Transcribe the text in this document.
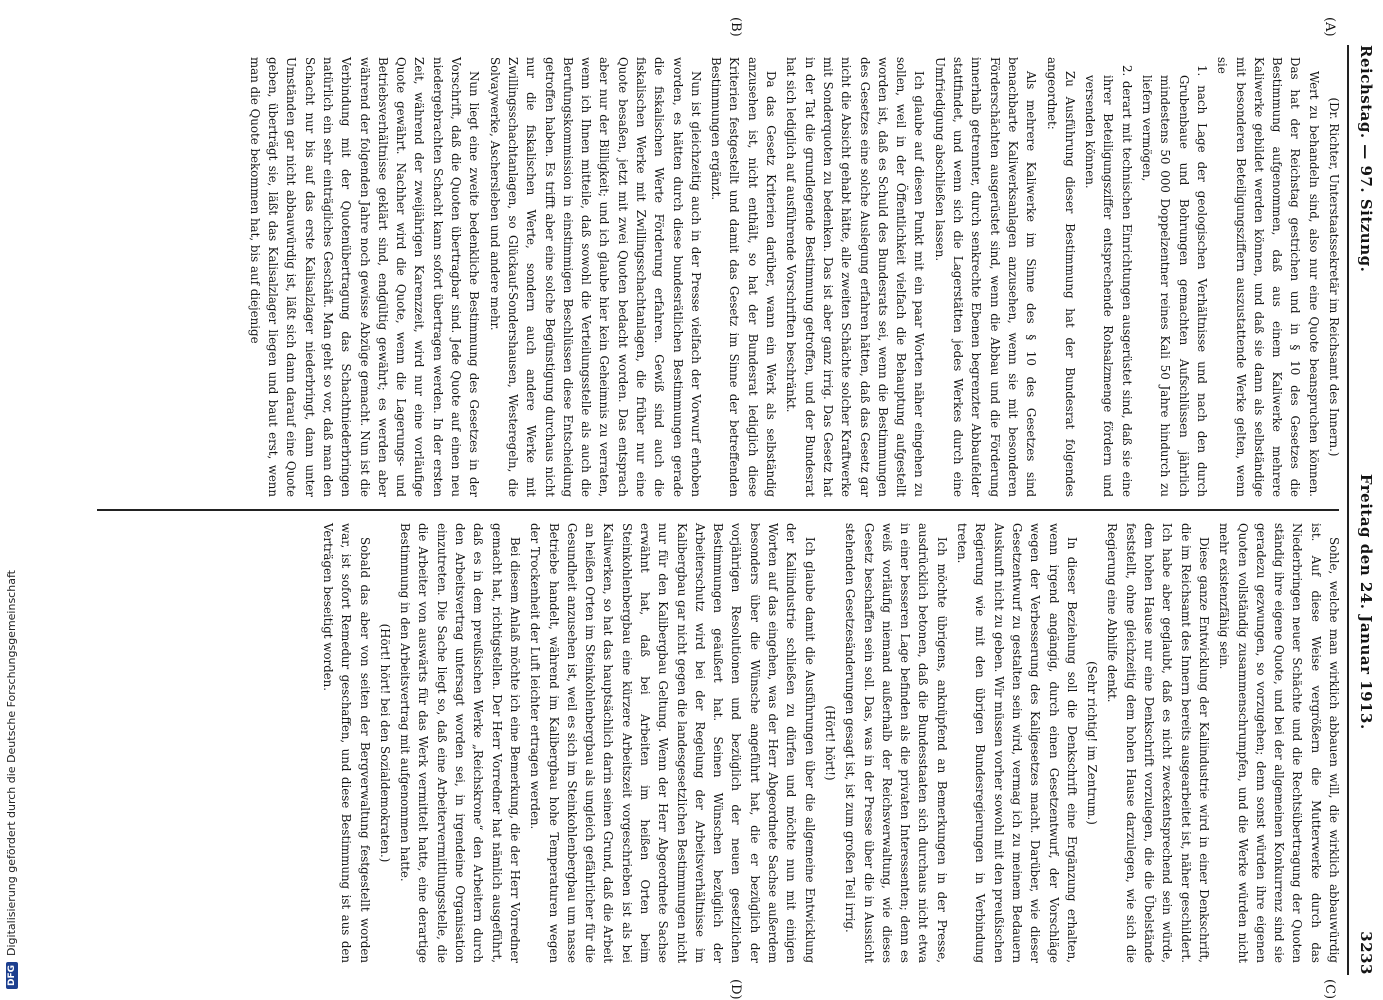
DFG
Digitalisierung gefördert durch die Deutsche Forschungsgemeinschaft
Reichstag. — 97. Sitzung.
Freitag den 24. Januar 1913.
3233
(A)
(B)
(C)
(D)

(Dr. Richter, Unterstaatssekretär im Reichsamt des Innern.)

Wert zu behandeln sind, also nur eine Quote beanspruchen können. Das hat der Reichstag gestrichen und in § 10 des Gesetzes die Bestimmung aufgenommen, daß aus einem Kaliwerke mehrere Kaliwerke gebildet werden können, und daß sie dann als selbständige mit besonderen Beteiligungsziffern auszustattende Werke gelten, wenn sie

1. nach Lage der geologischen Verhältnisse und nach den durch Grubenbaue und Bohrungen gemachten Aufschlüssen jährlich mindestens 50 000 Doppelzentner reines Kali 50 Jahre hindurch zu liefern vermögen,

2. derart mit technischen Einrichtungen ausgerüstet sind, daß sie eine ihrer Beteiligungsziffer entsprechende Rohsalzmenge fördern und versenden können.

Zu Ausführung dieser Bestimmung hat der Bundesrat folgendes angeordnet:

Als mehrere Kaliwerke im Sinne des § 10 des Gesetzes sind benachbarte Kaliwerksanlagen anzusehen, wenn sie mit besonderen Förderschächten ausgerüstet sind, wenn die Abbau und die Förderung innerhalb getrennter, durch senkrechte Ebenen begrenzter Abbaufelder stattfindet, und wenn sich die Lagerstätten jedes Werkes durch eine Umfriedigung abschließen lassen.

Ich glaube auf diesen Punkt mit ein paar Worten näher eingehen zu sollen, weil in der Öffentlichkeit vielfach die Behauptung aufgestellt worden ist, daß es Schuld des Bundesrats sei, wenn die Bestimmungen des Gesetzes eine solche Auslegung erfahren hätten, daß das Gesetz gar nicht die Absicht gehabt hätte, alle zweiten Schächte solcher Kraftwerke mit Sonderquoten zu bedenken. Das ist aber ganz irrig. Das Gesetz hat in der Tat die grundlegende Bestimmung getroffen, und der Bundesrat hat sich lediglich auf ausführende Vorschriften beschränkt.

Da das Gesetz Kriterien darüber, wann ein Werk als selbständig anzusehen ist, nicht enthält, so hat der Bundesrat lediglich diese Kriterien festgestellt und damit das Gesetz im Sinne der betreffenden Bestimmungen ergänzt.

Nun ist gleichzeitig auch in der Presse vielfach der Vorwurf erhoben worden, es hätten durch diese bundesrätlichen Bestimmungen gerade die fiskalischen Werte Förderung erfahren. Gewiß sind auch die fiskalischen Werke mit Zwillingsschachtanlagen, die früher nur eine Quote besaßen, jetzt mit zwei Quoten bedacht worden. Das entsprach aber nur der Billigkeit; und ich glaube hier kein Geheimnis zu verraten, wenn ich Ihnen mitteile, daß sowohl die Verteilungsstelle als auch die Berufungskommission in einstimmigen Beschlüssen diese Entscheidung getroffen haben. Es trifft aber eine solche Begünstigung durchaus nicht nur die fiskalischen Werte, sondern auch andere Werke mit Zwillingsschachtanlagen, so Glückauf-Sondershausen, Westeregeln, die Solvaywerke, Aschersleben und andere mehr.

Nun liegt eine zweite bedenkliche Bestimmung des Gesetzes in der Vorschrift, daß die Quoten übertragbar sind. Jede Quote auf einen neu niedergebrachten Schacht kann sofort übertragen werden. In der ersten Zeit, während der zweijährigen Karenzzeit, wird nur eine vorläufige Quote gewährt. Nachher wird die Quote, wenn die Lagerungs- und Betriebsverhältnisse geklärt sind, endgültig gewährt; es werden aber während der folgenden Jahre noch gewisse Abzüge gemacht. Nun ist die Verbindung mit der Quotenübertragung das Schachtniederbringen natürlich ein sehr einträgliches Geschäft. Man geht so vor, daß man den Schacht nur bis auf das erste Kalisalzlager niederbringt, dann unter Umständen gar nicht abbauwürdig ist, läßt sich dann darauf eine Quote geben, überträgt sie, läßt das Kalisalzlager liegen und baut erst, wenn man die Quote bekommen hat, bis auf diejenige

Sohle, welche man wirklich abbauen will, die wirklich abbauwürdig ist. Auf diese Weise vergrößern die Mutterwerke durch das Niederbringen neuer Schächte und die Rechtsübertragung der Quoten ständig ihre eigene Quote, und bei der allgemeinen Konkurrenz sind sie geradezu gezwungen, so vorzugehen; denn sonst würden ihre eigenen Quoten vollständig zusammenschrumpfen, und die Werke würden nicht mehr existenzfähig sein.

Diese ganze Entwicklung der Kaliindustrie wird in einer Denkschrift, die im Reichsamt des Innern bereits ausgearbeitet ist, näher geschildert. Ich habe aber geglaubt, daß es nicht zweckentsprechend sein würde, dem hohen Hause nur eine Denkschrift vorzulegen, die die Übelstände feststellt, ohne gleichzeitig dem hohen Hause darzulegen, wie sich die Regierung eine Abhilfe denkt.

(Sehr richtig! im Zentrum.)

In dieser Beziehung soll die Denkschrift eine Ergänzung erhalten, wenn irgend angängig, durch einen Gesetzentwurf, der Vorschläge wegen der Verbesserung des Kaligesetzes macht. Darüber, wie dieser Gesetzentwurf zu gestalten sein wird, vermag ich zu meinem Bedauern Auskunft nicht zu geben. Wir müssen vorher sowohl mit den preußischen Regierung wie mit den übrigen Bundesregierungen in Verbindung treten.

Ich möchte übrigens, anknüpfend an Bemerkungen in der Presse, ausdrücklich betonen, daß die Bundesstaaten sich durchaus nicht etwa in einer besseren Lage befinden als die privaten Interessenten; denn es weiß vorläufig niemand außerhalb der Reichsverwaltung, wie dieses Gesetz beschaffen sein soll. Das, was in der Presse über die in Aussicht stehenden Gesetzesänderungen gesagt ist, ist zum großen Teil irrig.

(Hört! hört!)

Ich glaube damit die Ausführungen über die allgemeine Entwicklung der Kaliindustrie schließen zu dürfen und möchte nun mit einigen Worten auf das eingehen, was der Herr Abgeordnete Sachse außerdem besonders über die Wünsche angeführt hat, die er bezüglich der vorjährigen Resolutionen und bezüglich der neuen gesetzlichen Bestimmungen geäußert hat. Seinen Wünschen bezüglich der Arbeiterschutz wird bei der Regelung der Arbeitsverhältnisse im Kalibergbau gar nicht gegen die landesgesetzlichen Bestimmungen nicht nur für den Kalibergbau Geltung. Wenn der Herr Abgeordnete Sachse erwähnt hat, daß bei Arbeiten im heißen Orten beim Steinkohlenbergbau eine kürzere Arbeitszeit vorgeschrieben ist als bei Kaliwerken, so hat das hauptsächlich darin seinen Grund, daß die Arbeit an heißen Orten im Steinkohlenbergbau als ungleich gefährlicher für die Gesundheit anzusehen ist, weil es sich im Steinkohlenbergbau um nasse Betriebe handelt, während im Kalibergbau hohe Temperaturen wegen der Trockenheit der Luft leichter ertragen werden.

Bei diesem Anlaß möchte ich eine Bemerkung, die der Herr Vorredner gemacht hat, richtigstellen. Der Herr Vorredner hat nämlich ausgeführt, daß es in dem preußischen Werke „Reichskrone“ den Arbeitern durch den Arbeitsvertrag untersagt worden sei, in irgendeine Organisation einzutreten. Die Sache liegt so, daß eine Arbeitervermittlungsstelle, die die Arbeiter von auswärts für das Werk vermittelt hatte, eine derartige Bestimmung in den Arbeitsvertrag mit aufgenommen hatte.

(Hört! hört! bei den Sozialdemokraten.)

Sobald das aber von seiten der Bergverwaltung festgestellt worden war, ist sofort Remedur geschaffen, und diese Bestimmung ist aus den Verträgen beseitigt worden.
